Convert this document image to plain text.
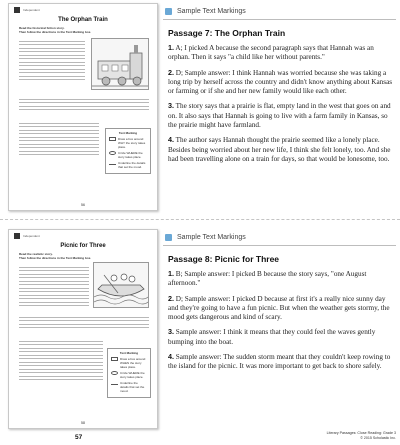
Independent
The Orphan Train
Read the historical fiction story.
Then follow the directions in the Text Marking box.
Text Marking
Draw a box around WHY the story takes place.
Circle WHERE the story takes place.
Underline the details that set the mood.
56
Sample Text Markings
Passage 7: The Orphan Train

1. A; I picked A because the second paragraph says that Hannah was an orphan. Then it says "a child like her without parents."

2. D; Sample answer: I think Hannah was worried because she was taking a long trip by herself across the country and didn't know anything about Kansas or farming or if she and her new family would like each other.

3. The story says that a prairie is flat, empty land in the west that goes on and on. It also says that Hannah is going to live with a farm family in Kansas, so the prairie might have farmland.

4. The author says Hannah thought the prairie seemed like a lonely place. Besides being worried about her new life, I think she felt lonely, too. And she had been travelling alone on a train for days, so that would be lonesome, too.

Independent
Picnic for Three
Read the realistic story.
Then follow the directions in the Text Marking box.
Text Marking
Draw a box around WHEN the story takes place.
Circle WHERE the story takes place.
Underline the details that set the mood.
58
Sample Text Markings
Passage 8: Picnic for Three

1. B; Sample answer: I picked B because the story says, "one August afternoon."

2. D; Sample answer: I picked D because at first it's a really nice sunny day and they're going to have a fun picnic. But when the weather gets stormy, the mood gets dangerous and kind of scary.

3. Sample answer: I think it means that they could feel the waves gently bumping into the boat.

4. Sample answer: The sudden storm meant that they couldn't keep rowing to the island for the picnic. It was more important to get back to shore safely.

57
Literary Passages: Close Reading: Grade 3
© 2015 Scholastic Inc.
